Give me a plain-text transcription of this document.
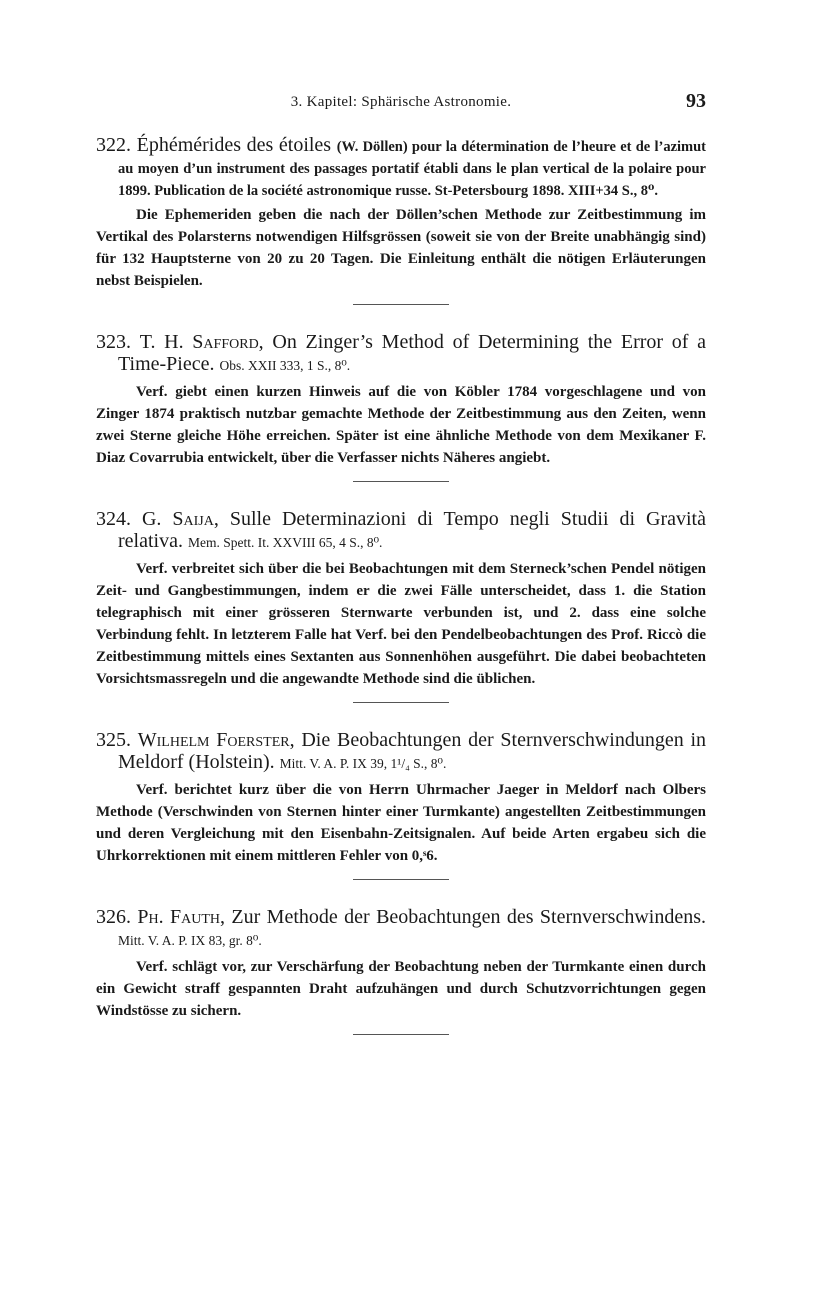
3. Kapitel: Sphärische Astronomie.	93

322. Éphémérides des étoiles (W. Döllen) pour la détermination de l’heure et de l’azimut au moyen d’un instrument des passages portatif établi dans le plan vertical de la polaire pour 1899. Publication de la société astronomique russe. St-Petersbourg 1898. XIII+34 S., 8⁰.

Die Ephemeriden geben die nach der Döllen’schen Methode zur Zeitbestimmung im Vertikal des Polarsterns notwendigen Hilfsgrössen (soweit sie von der Breite unabhängig sind) für 132 Hauptsterne von 20 zu 20 Tagen. Die Einleitung enthält die nötigen Erläuterungen nebst Beispielen.

323. T. H. Safford, On Zinger’s Method of Determining the Error of a Time-Piece. Obs. XXII 333, 1 S., 8⁰.

Verf. giebt einen kurzen Hinweis auf die von Köbler 1784 vorgeschlagene und von Zinger 1874 praktisch nutzbar gemachte Methode der Zeitbestimmung aus den Zeiten, wenn zwei Sterne gleiche Höhe erreichen. Später ist eine ähnliche Methode von dem Mexikaner F. Diaz Covarrubia entwickelt, über die Verfasser nichts Näheres angiebt.

324. G. Saija, Sulle Determinazioni di Tempo negli Studii di Gravità relativa. Mem. Spett. It. XXVIII 65, 4 S., 8⁰.

Verf. verbreitet sich über die bei Beobachtungen mit dem Sterneck’schen Pendel nötigen Zeit- und Gangbestimmungen, indem er die zwei Fälle unterscheidet, dass 1. die Station telegraphisch mit einer grösseren Sternwarte verbunden ist, und 2. dass eine solche Verbindung fehlt. In letzterem Falle hat Verf. bei den Pendelbeobachtungen des Prof. Riccò die Zeitbestimmung mittels eines Sextanten aus Sonnenhöhen ausgeführt. Die dabei beobachteten Vorsichtsmassregeln und die angewandte Methode sind die üblichen.

325. Wilhelm Foerster, Die Beobachtungen der Sternverschwindungen in Meldorf (Holstein). Mitt. V. A. P. IX 39, 1¹/₄ S., 8⁰.

Verf. berichtet kurz über die von Herrn Uhrmacher Jaeger in Meldorf nach Olbers Methode (Verschwinden von Sternen hinter einer Turmkante) angestellten Zeitbestimmungen und deren Vergleichung mit den Eisenbahn-Zeitsignalen. Auf beide Arten ergabeu sich die Uhrkorrektionen mit einem mittleren Fehler von 0,ˢ6.

326. Ph. Fauth, Zur Methode der Beobachtungen des Sternverschwindens. Mitt. V. A. P. IX 83, gr. 8⁰.

Verf. schlägt vor, zur Verschärfung der Beobachtung neben der Turmkante einen durch ein Gewicht straff gespannten Draht aufzuhängen und durch Schutzvorrichtungen gegen Windstösse zu sichern.
